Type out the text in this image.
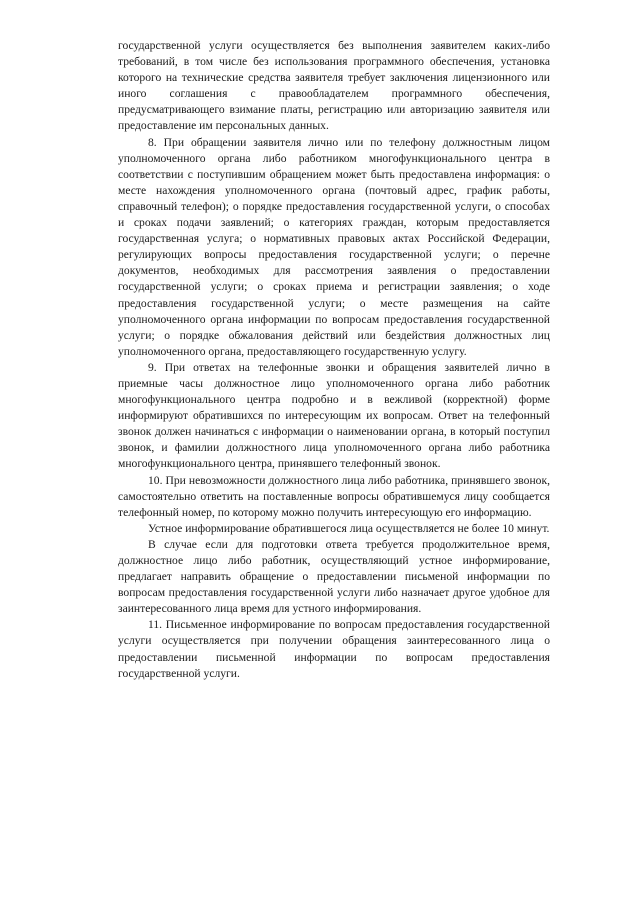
государственной услуги осуществляется без выполнения заявителем каких-либо требований, в том числе без использования программного обеспечения, установка которого на технические средства заявителя требует заключения лицензионного или иного соглашения с правообладателем программного обеспечения, предусматривающего взимание платы, регистрацию или авторизацию заявителя или предоставление им персональных данных.

8. При обращении заявителя лично или по телефону должностным лицом уполномоченного органа либо работником многофункционального центра в соответствии с поступившим обращением может быть предоставлена информация: о месте нахождения уполномоченного органа (почтовый адрес, график работы, справочный телефон); о порядке предоставления государственной услуги, о способах и сроках подачи заявлений; о категориях граждан, которым предоставляется государственная услуга; о нормативных правовых актах Российской Федерации, регулирующих вопросы предоставления государственной услуги; о перечне документов, необходимых для рассмотрения заявления о предоставлении государственной услуги; о сроках приема и регистрации заявления; о ходе предоставления государственной услуги; о месте размещения на сайте уполномоченного органа информации по вопросам предоставления государственной услуги; о порядке обжалования действий или бездействия должностных лиц уполномоченного органа, предоставляющего государственную услугу.

9. При ответах на телефонные звонки и обращения заявителей лично в приемные часы должностное лицо уполномоченного органа либо работник многофункционального центра подробно и в вежливой (корректной) форме информируют обратившихся по интересующим их вопросам. Ответ на телефонный звонок должен начинаться с информации о наименовании органа, в который поступил звонок, и фамилии должностного лица уполномоченного органа либо работника многофункционального центра, принявшего телефонный звонок.

10. При невозможности должностного лица либо работника, принявшего звонок, самостоятельно ответить на поставленные вопросы обратившемуся лицу сообщается телефонный номер, по которому можно получить интересующую его информацию.

Устное информирование обратившегося лица осуществляется не более 10 минут.

В случае если для подготовки ответа требуется продолжительное время, должностное лицо либо работник, осуществляющий устное информирование, предлагает направить обращение о предоставлении письменой информации по вопросам предоставления государственной услуги либо назначает другое удобное для заинтересованного лица время для устного информирования.

11. Письменное информирование по вопросам предоставления государственной услуги осуществляется при получении обращения заинтересованного лица о предоставлении письменной информации по вопросам предоставления государственной услуги.
